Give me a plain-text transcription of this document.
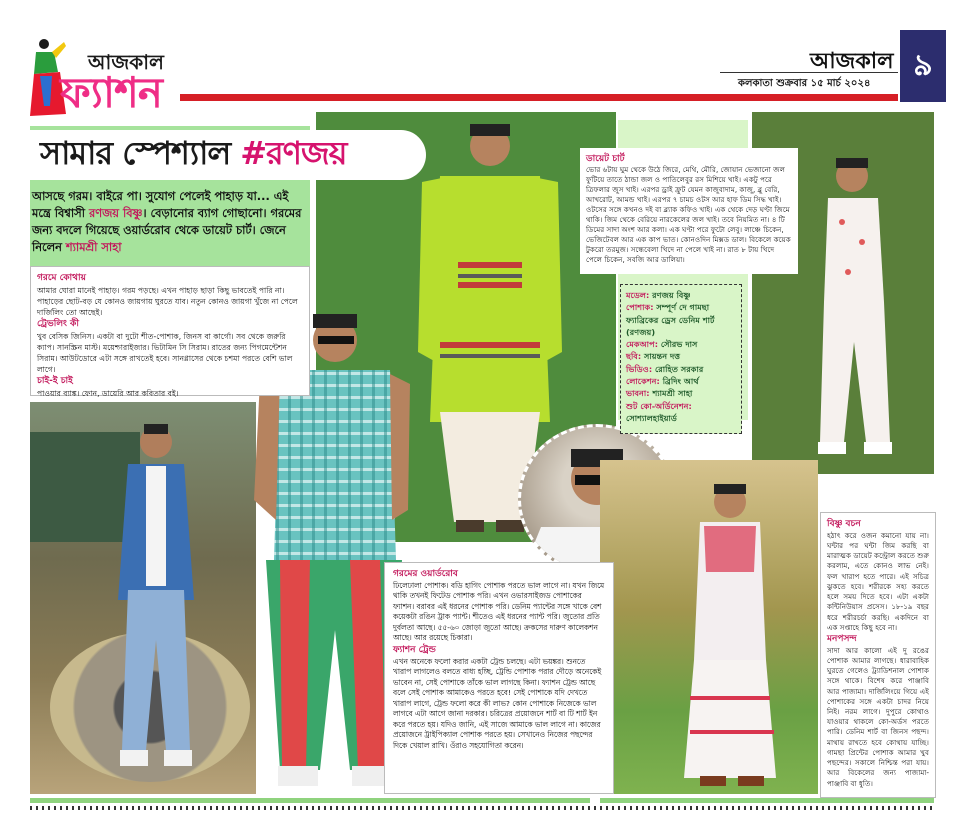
আজকাল
ফ্যাশন
আজকাল
কলকাতা শুক্রবার ১৫ মার্চ ২০২৪
৯
সামার স্পেশ্যাল #রণজয়
আসছে গরম। বাইরে পা। সুযোগ পেলেই পাহাড় যা... এই মন্ত্রে বিশ্বাসী রণজয় বিষ্ণু। বেড়ানোর ব্যাগ গোছানো। গরমের জন্য বদলে গিয়েছে ওয়ার্ডরোব থেকে ডায়েট চার্ট। জেনে নিলেন শ্যামশ্রী সাহা
গরমে কোথায়

আমার ঘোরা মানেই পাহাড়। গরম পড়ছে। এখন পাহাড় ছাড়া কিছু ভাবতেই পারি না। পাহাড়ের ছোট-বড় যে কোনও জায়গায় ঘুরতে যাব। নতুন কোনও জায়গা খুঁজে না পেলে দার্জিলিং তো আছেই।

ট্রেভলিং কী

খুব বেসিক জিনিস। একটা বা দুটো শীত-পোশাক, জিনস বা কার্গো। সব থেকে জরুরি ক্যাপ। সানস্ক্রিন মাস্ট। ময়েশ্চারাইজার। ভিটামিন সি সিরাম। রাতের জন্য পিগমেন্টেশন সিরাম। আউটডোরে এটা সঙ্গে রাখতেই হবে। সানগ্লাসের থেকে চশমা পরতে বেশি ভাল লাগে।

চাই-ই চাই

পাওয়ার ব্যাঙ্ক। ফোন, ডায়েরি আর কবিতার বই।

ডায়েট চার্ট

ভোর ৬টায় ঘুম থেকে উঠে জিরে, মেথি, মৌরি, জোয়ান ভেজানো জল ফুটিয়ে তাতে ঠান্ডা জল ও পাতিলেবুর রস মিশিয়ে খাই। একটু পরে ত্রিফলার জুস খাই। এরপর ড্রাই ফ্রুট যেমন কাজুবাদাম, কাজু, ব্লু বেরি, আখরোট, আমন্ড খাই। এরপর ৭ চামচ ওটস আর হাফ ডিম সিদ্ধ খাই। ওটসের সঙ্গে কখনও দই বা ব্ল্যাক কফিও খাই। এক থেকে দেড় ঘণ্টা জিমে থাকি। জিম থেকে বেরিয়ে নারকেলের জল খাই। তবে নিয়মিত না। ৪ টি ডিমের সাদা অংশ আর কলা। এক ঘণ্টা পরে ফুটো লেবু। লাঞ্চে চিকেন, ভেজিটেবল আর এক কাপ ভাত। কোনওদিন মিক্সড ডাল। বিকেলে কয়েক টুকরো তরমুজ। সন্ধেবেলা খিদে না পেলে খাই না। রাত ৮ টায় খিদে পেলে চিকেন, সবজি আর ডালিয়া।

মডেল: রণজয় বিষ্ণু
পোশাক: সম্পূর্ণ দে গামছা ফ্যাব্রিকের ড্রেস ডেনিম শার্ট (রণজয়)
মেকআপ: সৌরভ দাস
ছবি: সায়ন্তন দত্ত
ভিডিও: রোহিত সরকার
লোকেশন: ব্রিদিং আর্থ
ভাবনা: শ্যামশ্রী সাহা
শুট কো-অর্ডিনেশন: সোশ্যালহাইয়ার্ড
গরমের ওয়ার্ডরোব

ঢিলেঢালা পোশাক। বডি হাগিং পোশাক পরতে ভাল লাগে না। যখন জিমে থাকি তখনই ফিটেড পোশাক পরি। এখন ওভারসাইজড পোশাকের ফ্যাশন। বরাবর এই ধরনের পোশাক পরি। ডেনিম প্যান্টের সঙ্গে খাকে বেশ কয়েকটা রঙিন ট্রাক প্যান্ট। শীতেও এই ধরনের প্যান্ট পরি। জুতোর প্রতি দুর্বলতা আছে। ৫৫-৬০ জোড়া জুতো আছে। ক্রকসের দারুণ কালেকশন আছে। আর রয়েছে চিকারা।

ফ্যাশন ট্রেন্ড

এখন অনেকে ফলো করার একটা ট্রেন্ড চলছে। এটা ভয়ঙ্কর। শুনতে খারাপ লাগলেও বলতে বাধ্য হচ্ছি, ট্রেন্ডি পোশাক পরার দৌড়ে অনেকেই ভাবেন না, সেই পোশাকে তাঁকে ভাল লাগছে কিনা। ফ্যাশন ট্রেন্ড আছে বলে সেই পোশাক আমাকেও পরতে হবে! সেই পোশাকে যদি দেখতে খারাপ লাগে, ট্রেন্ড ফলো করে কী লাভ? কোন পোশাকে নিজেকে ভাল লাগবে এটা আগে জানা দরকার। চরিত্রের প্রয়োজনে শার্ট বা টি শার্ট ইন করে পরতে হয়। যদিও জানি, এই সাজে আমাকে ভাল লাগে না। কাজের প্রয়োজনে ট্রাইপিক্যাল পোশাক পরতে হয়। সেখানেও নিজের পছন্দের দিকে খেয়াল রাখি। ওঁরাও সহযোগিতা করেন।

বিষ্ণু বচন

হঠাৎ করে ওজন কমানো যায় না। ঘন্টার পর ঘন্টা জিম করছি বা মারাত্মক ডায়েট কন্ট্রোল করতে শুরু করলাম, এতে কোনও লাভ নেই। ফল খারাপ হতে পারে। এই সচিত্র ঝুকতে হবে। শরীরকে সহ্য করতে হলে সময় দিতে হবে। এটা একটা কন্টিনিউয়াস প্রসেস। ১৮-১৯ বছর ধরে শরীরচর্চা করছি। একদিনে বা এক সপ্তাহে কিছু হবে না।

মনপসন্দ

সাদা আর কালো এই দু রঙের পোশাক আমার লাগছে। ধারাবাহিক ঘুরতে গেলেও ট্র্যাডিশনাল পোশাক সঙ্গে থাকে। বিশেষ করে পাঞ্জাবি আর পাজামা। দার্জিলিংয়ে গিয়ে এই পোশাকের সঙ্গে একটা চাদর নিয়ে নিই। নরম লাগে। দুপুরে কোথাও যাওয়ার থাকলে কো-অর্ডস পরতে পারি। ডেনিম শার্ট বা জিনস পছন্দ। মাথায় রাখতে হবে কোথায় যাচ্ছি। গামছা প্রিন্টের পোশাক আমার খুব পছন্দের। সকালে নিশ্চিন্ত পরা যায়। আর বিকেলের জন্য পাজামা-পাঞ্জাবি বা ধুতি।
